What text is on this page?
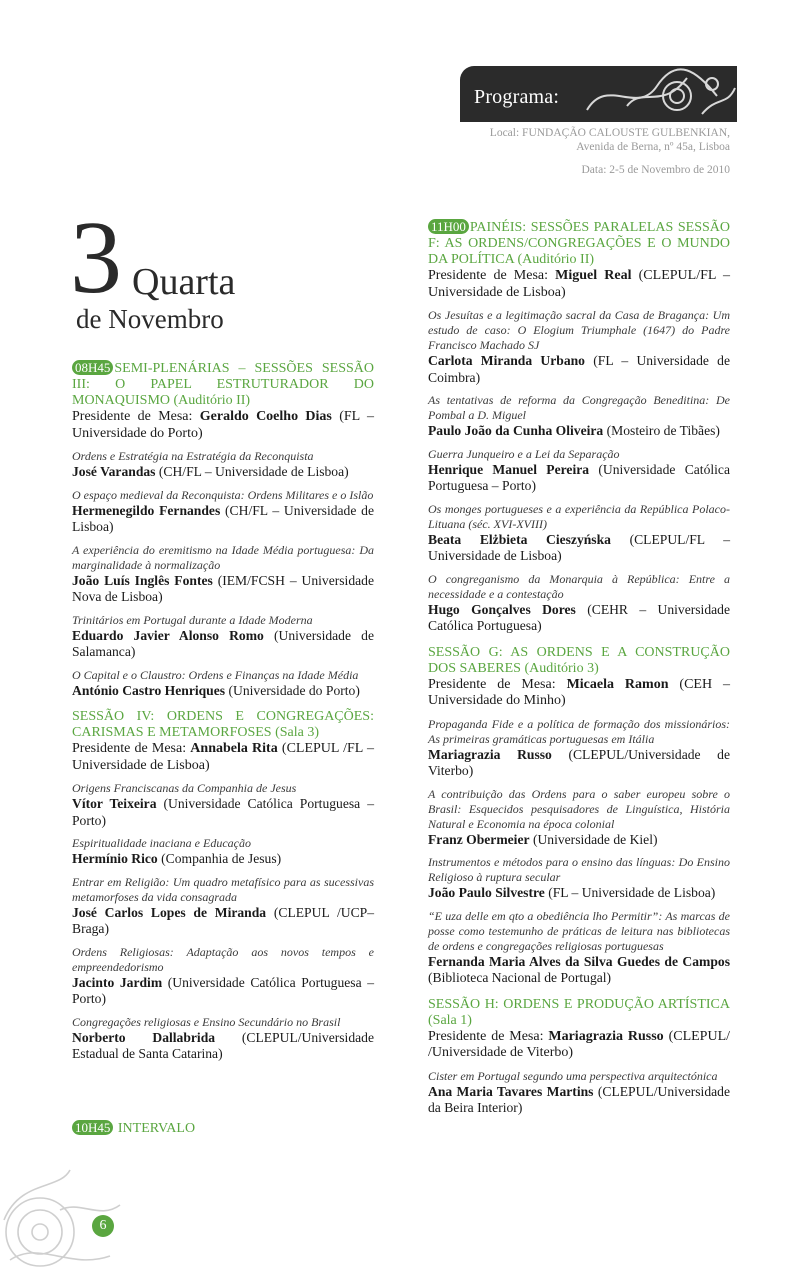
Programa:
Local: FUNDAÇÃO CALOUSTE GULBENKIAN,
Avenida de Berna, nº 45a, Lisboa
Data: 2-5 de Novembro de 2010
3 Quarta
de Novembro
08H45 SEMI-PLENÁRIAS – SESSÕES SESSÃO III: O PAPEL ESTRUTURADOR DO MONAQUISMO (Auditório II)
Presidente de Mesa: Geraldo Coelho Dias (FL – Universidade do Porto)
Ordens e Estratégia na Estratégia da Reconquista
José Varandas (CH/FL – Universidade de Lisboa)
O espaço medieval da Reconquista: Ordens Militares e o Islão
Hermenegildo Fernandes (CH/FL – Universidade de Lisboa)
A experiência do eremitismo na Idade Média portuguesa: Da marginalidade à normalização
João Luís Inglês Fontes (IEM/FCSH – Universidade Nova de Lisboa)
Trinitários em Portugal durante a Idade Moderna
Eduardo Javier Alonso Romo (Universidade de Salamanca)
O Capital e o Claustro: Ordens e Finanças na Idade Média
António Castro Henriques (Universidade do Porto)
SESSÃO IV: ORDENS E CONGREGAÇÕES: CARISMAS E METAMORFOSES (Sala 3)
Presidente de Mesa: Annabela Rita (CLEPUL /FL – Universidade de Lisboa)
Origens Franciscanas da Companhia de Jesus
Vítor Teixeira (Universidade Católica Portuguesa – Porto)
Espiritualidade inaciana e Educação
Hermínio Rico (Companhia de Jesus)
Entrar em Religião: Um quadro metafísico para as sucessivas metamorfoses da vida consagrada
José Carlos Lopes de Miranda (CLEPUL /UCP– Braga)
Ordens Religiosas: Adaptação aos novos tempos e empreendedorismo
Jacinto Jardim (Universidade Católica Portuguesa – Porto)
Congregações religiosas e Ensino Secundário no Brasil
Norberto Dallabrida (CLEPUL/Universidade Estadual de Santa Catarina)
10H45 INTERVALO
11H00 PAINÉIS: SESSÕES PARALELAS SESSÃO F: AS ORDENS/CONGREGAÇÕES E O MUNDO DA POLÍTICA (Auditório II)
Presidente de Mesa: Miguel Real (CLEPUL/FL – Universidade de Lisboa)
Os Jesuítas e a legitimação sacral da Casa de Bragança: Um estudo de caso: O Elogium Triumphale (1647) do Padre Francisco Machado SJ
Carlota Miranda Urbano (FL – Universidade de Coimbra)
As tentativas de reforma da Congregação Beneditina: De Pombal a D. Miguel
Paulo João da Cunha Oliveira (Mosteiro de Tibães)
Guerra Junqueiro e a Lei da Separação
Henrique Manuel Pereira (Universidade Católica Portuguesa – Porto)
Os monges portugueses e a experiência da República Polaco-Lituana (séc. XVI-XVIII)
Beata Elżbieta Cieszyńska (CLEPUL/FL – Universidade de Lisboa)
O congreganismo da Monarquia à República: Entre a necessidade e a contestação
Hugo Gonçalves Dores (CEHR – Universidade Católica Portuguesa)
SESSÃO G: AS ORDENS E A CONSTRUÇÃO DOS SABERES (Auditório 3)
Presidente de Mesa: Micaela Ramon (CEH – Universidade do Minho)
Propaganda Fide e a política de formação dos missionários: As primeiras gramáticas portuguesas em Itália
Mariagrazia Russo (CLEPUL/Universidade de Viterbo)
A contribuição das Ordens para o saber europeu sobre o Brasil: Esquecidos pesquisadores de Linguística, História Natural e Economia na época colonial
Franz Obermeier (Universidade de Kiel)
Instrumentos e métodos para o ensino das línguas: Do Ensino Religioso à ruptura secular
João Paulo Silvestre (FL – Universidade de Lisboa)
“E uza delle em qto a obediência lho Permitir”: As marcas de posse como testemunho de práticas de leitura nas bibliotecas de ordens e congregações religiosas portuguesas
Fernanda Maria Alves da Silva Guedes de Campos (Biblioteca Nacional de Portugal)
SESSÃO H: ORDENS E PRODUÇÃO ARTÍSTICA (Sala 1)
Presidente de Mesa: Mariagrazia Russo (CLEPUL/ /Universidade de Viterbo)
Cister em Portugal segundo uma perspectiva arquitectónica
Ana Maria Tavares Martins (CLEPUL/Universidade da Beira Interior)
6
